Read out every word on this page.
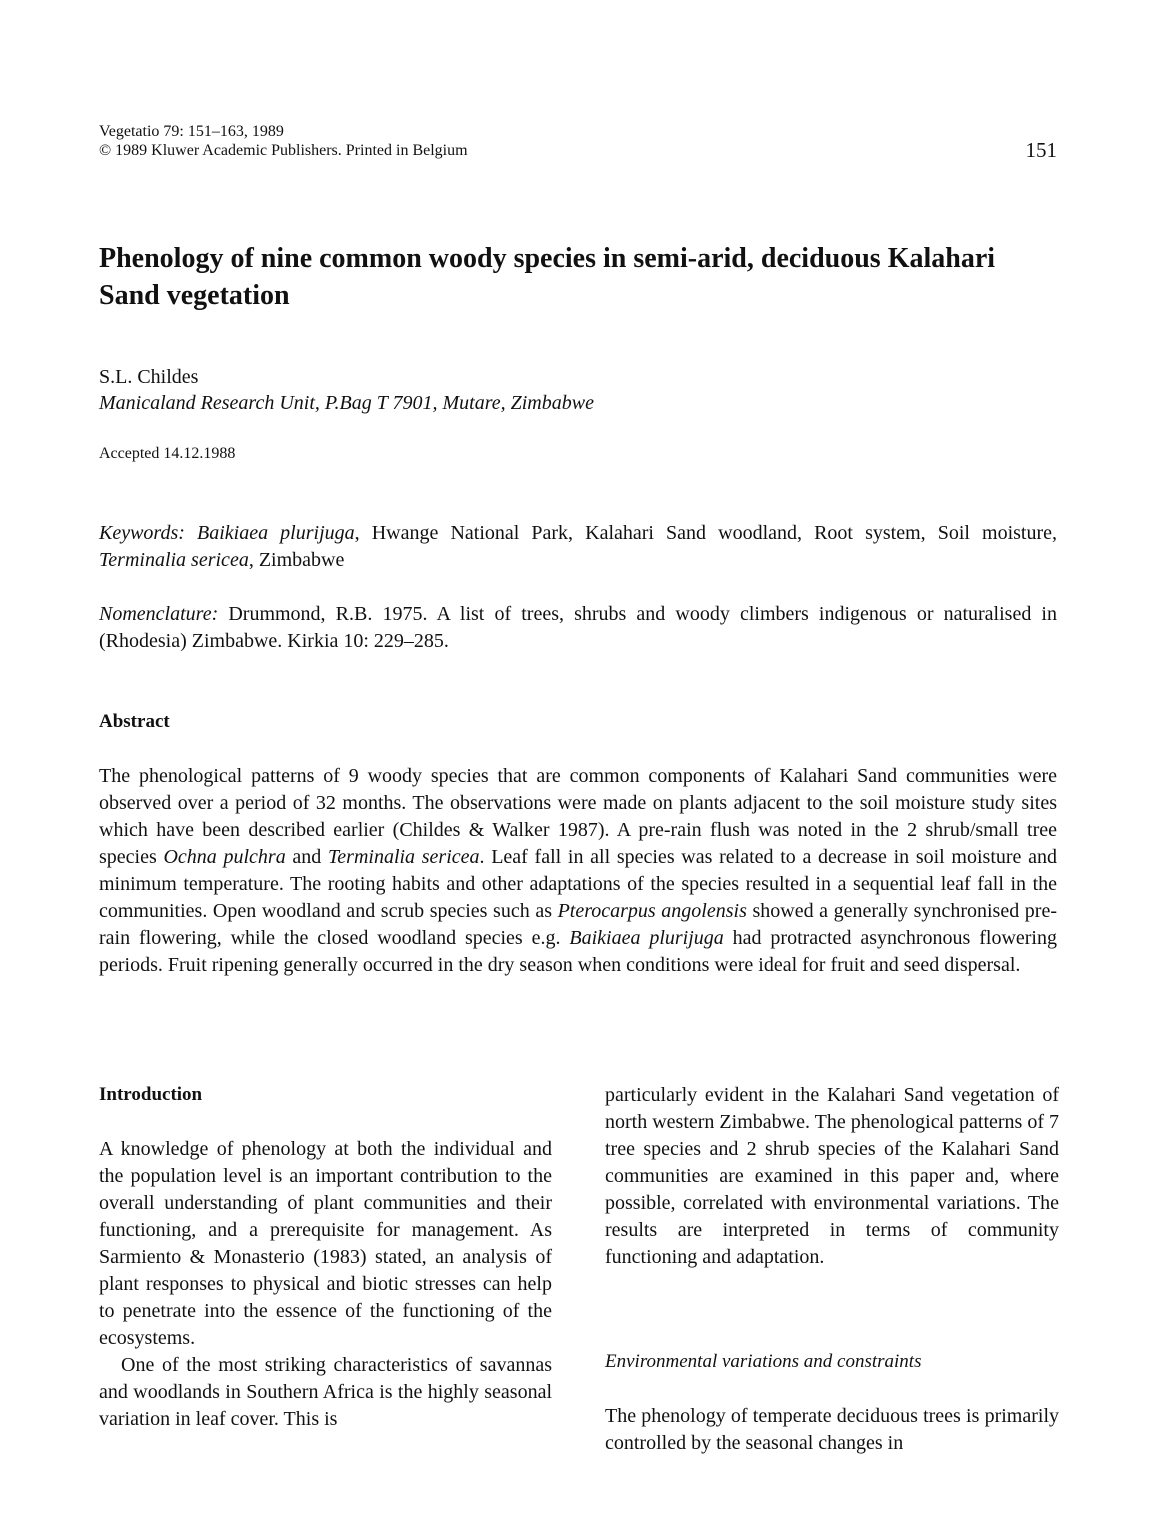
Vegetatio 79: 151–163, 1989
© 1989 Kluwer Academic Publishers. Printed in Belgium	151
Phenology of nine common woody species in semi-arid, deciduous Kalahari Sand vegetation
S.L. Childes
Manicaland Research Unit, P.Bag T 7901, Mutare, Zimbabwe
Accepted 14.12.1988
Keywords: Baikiaea plurijuga, Hwange National Park, Kalahari Sand woodland, Root system, Soil moisture, Terminalia sericea, Zimbabwe
Nomenclature: Drummond, R.B. 1975. A list of trees, shrubs and woody climbers indigenous or naturalised in (Rhodesia) Zimbabwe. Kirkia 10: 229–285.
Abstract
The phenological patterns of 9 woody species that are common components of Kalahari Sand communities were observed over a period of 32 months. The observations were made on plants adjacent to the soil moisture study sites which have been described earlier (Childes & Walker 1987). A pre-rain flush was noted in the 2 shrub/small tree species Ochna pulchra and Terminalia sericea. Leaf fall in all species was related to a decrease in soil moisture and minimum temperature. The rooting habits and other adaptations of the species resulted in a sequential leaf fall in the communities. Open woodland and scrub species such as Pterocarpus angolensis showed a generally synchronised pre-rain flowering, while the closed woodland species e.g. Baikiaea plurijuga had protracted asynchronous flowering periods. Fruit ripening generally occurred in the dry season when conditions were ideal for fruit and seed dispersal.
Introduction

A knowledge of phenology at both the individual and the population level is an important contribution to the overall understanding of plant communities and their functioning, and a prerequisite for management. As Sarmiento & Monasterio (1983) stated, an analysis of plant responses to physical and biotic stresses can help to penetrate into the essence of the functioning of the ecosystems.

One of the most striking characteristics of savannas and woodlands in Southern Africa is the highly seasonal variation in leaf cover. This is

particularly evident in the Kalahari Sand vegetation of north western Zimbabwe. The phenological patterns of 7 tree species and 2 shrub species of the Kalahari Sand communities are examined in this paper and, where possible, correlated with environmental variations. The results are interpreted in terms of community functioning and adaptation.

Environmental variations and constraints

The phenology of temperate deciduous trees is primarily controlled by the seasonal changes in
